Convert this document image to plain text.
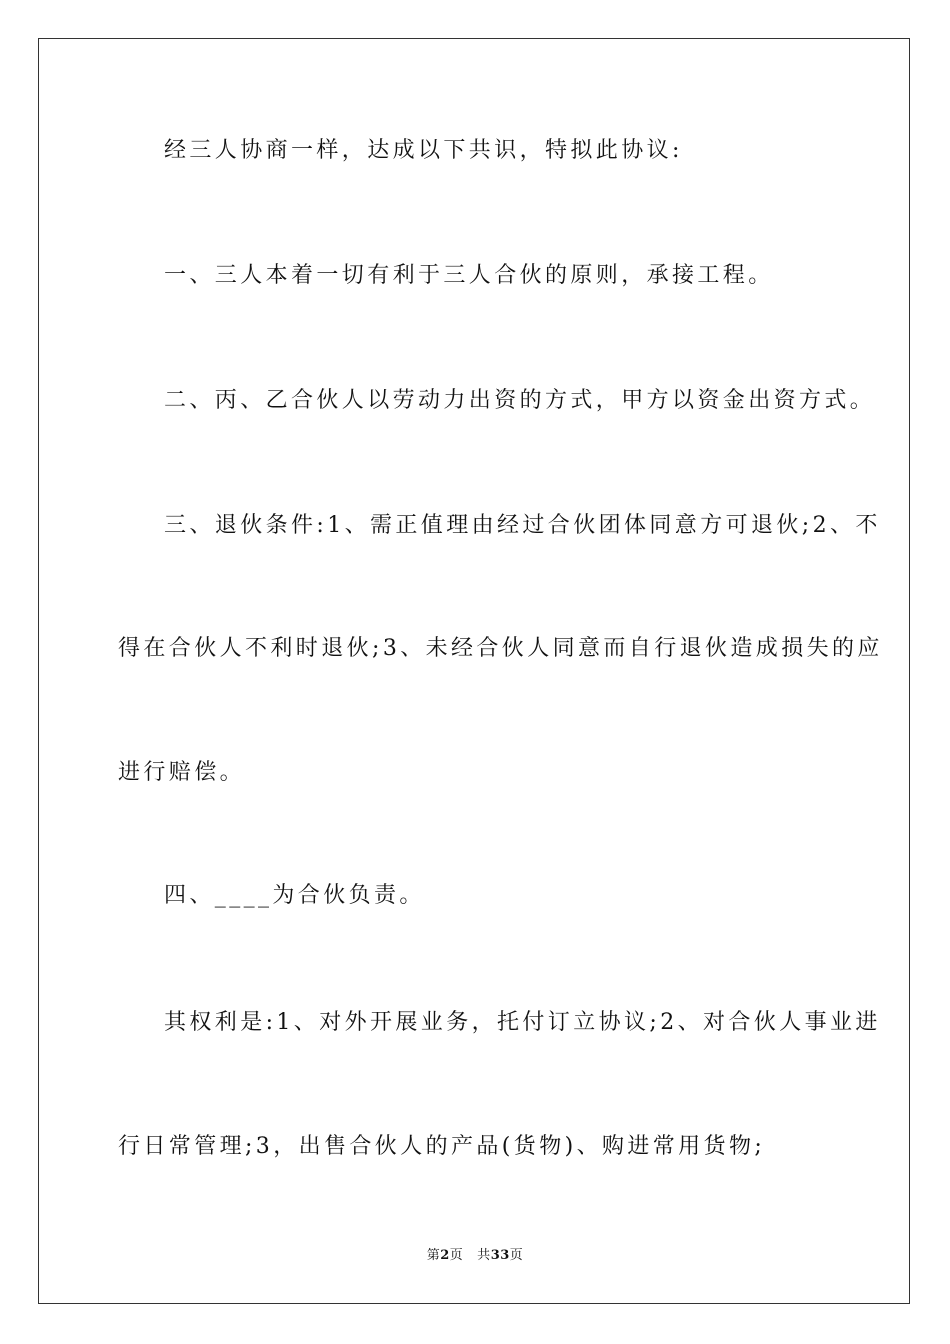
经三人协商一样，达成以下共识，特拟此协议:
一、三人本着一切有利于三人合伙的原则，承接工程。
二、丙、乙合伙人以劳动力出资的方式，甲方以资金出资方式。
三、退伙条件:1、需正值理由经过合伙团体同意方可退伙;2、不
得在合伙人不利时退伙;3、未经合伙人同意而自行退伙造成损失的应
进行赔偿。
四、____为合伙负责。
其权利是:1、对外开展业务，托付订立协议;2、对合伙人事业进
行日常管理;3，出售合伙人的产品(货物)、购进常用货物;
第2页 共33页
